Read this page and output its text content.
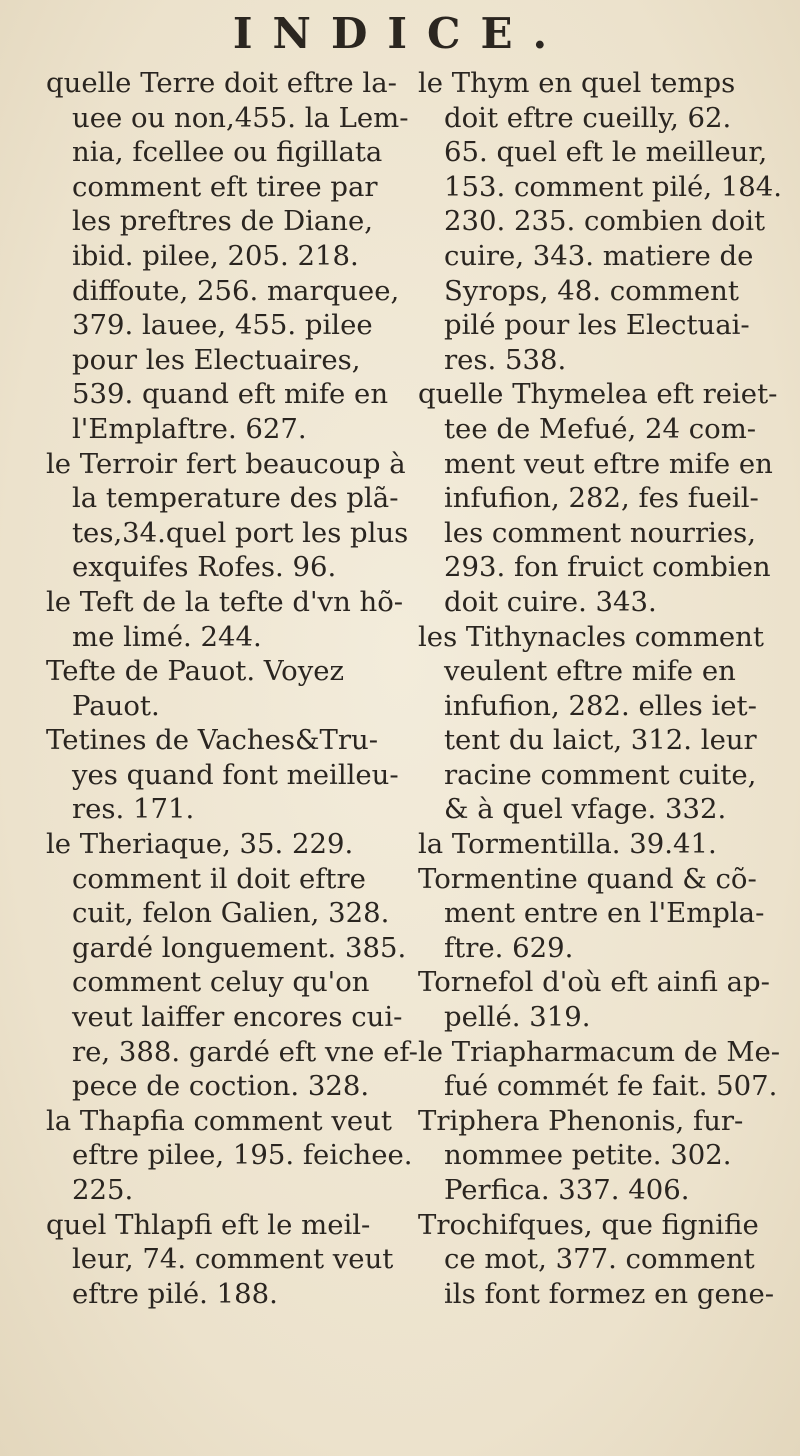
INDICE.
quelle Terre doit eftre la-
uee ou non,455. la Lem-
nia, fcellee ou figillata
comment eft tiree par
les preftres de Diane,
ibid. pilee, 205. 218.
diffoute, 256. marquee,
379. lauee, 455. pilee
pour les Electuaires,
539. quand eft mife en
l'Emplaftre. 627.
le Terroir fert beaucoup à
la temperature des plã-
tes,34.quel port les plus
exquifes Rofes. 96.
le Teft de la tefte d'vn hõ-
me limé. 244.
Tefte de Pauot. Voyez
Pauot.
Tetines de Vaches&Tru-
yes quand font meilleu-
res. 171.
le Theriaque, 35. 229.
comment il doit eftre
cuit, felon Galien, 328.
gardé longuement. 385.
comment celuy qu'on
veut laiffer encores cui-
re, 388. gardé eft vne ef-
pece de coction. 328.
la Thapfia comment veut
eftre pilee, 195. feichee.
225.
quel Thlapfi eft le meil-
leur, 74. comment veut
eftre pilé. 188.
le Thym en quel temps
doit eftre cueilly, 62.
65. quel eft le meilleur,
153. comment pilé, 184.
230. 235. combien doit
cuire, 343. matiere de
Syrops, 48. comment
pilé pour les Electuai-
res. 538.
quelle Thymelea eft reiet-
tee de Mefué, 24 com-
ment veut eftre mife en
infufion, 282, fes fueil-
les comment nourries,
293. fon fruict combien
doit cuire. 343.
les Tithynacles comment
veulent eftre mife en
infufion, 282. elles iet-
tent du laict, 312. leur
racine comment cuite,
& à quel vfage. 332.
la Tormentilla. 39.41.
Tormentine quand & cõ-
ment entre en l'Empla-
ftre. 629.
Tornefol d'où eft ainfi ap-
pellé. 319.
le Triapharmacum de Me-
fué commét fe fait. 507.
Triphera Phenonis, fur-
nommee petite. 302.
Perfica. 337. 406.
Trochifques, que fignifie
ce mot, 377. comment
ils font formez en gene-
